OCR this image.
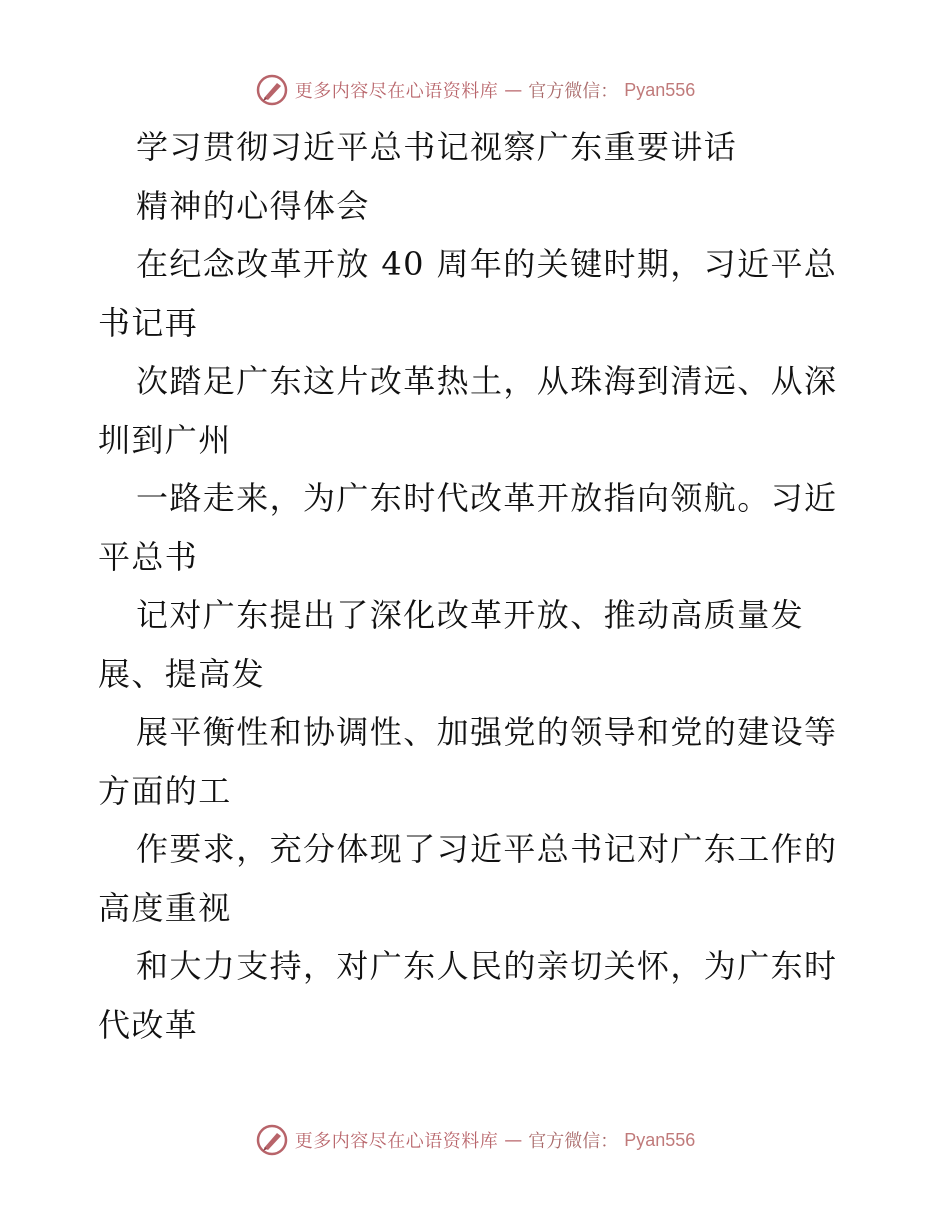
更多内容尽在心语资料库 — 官方微信： Pyan556
学习贯彻习近平总书记视察广东重要讲话
精神的心得体会
在纪念改革开放 40 周年的关键时期，习近平总
书记再
次踏足广东这片改革热土，从珠海到清远、从深
圳到广州
一路走来，为广东时代改革开放指向领航。习近
平总书
记对广东提出了深化改革开放、推动高质量发
展、提高发
展平衡性和协调性、加强党的领导和党的建设等
方面的工
作要求，充分体现了习近平总书记对广东工作的
高度重视
和大力支持，对广东人民的亲切关怀，为广东时
代改革
更多内容尽在心语资料库 — 官方微信： Pyan556
